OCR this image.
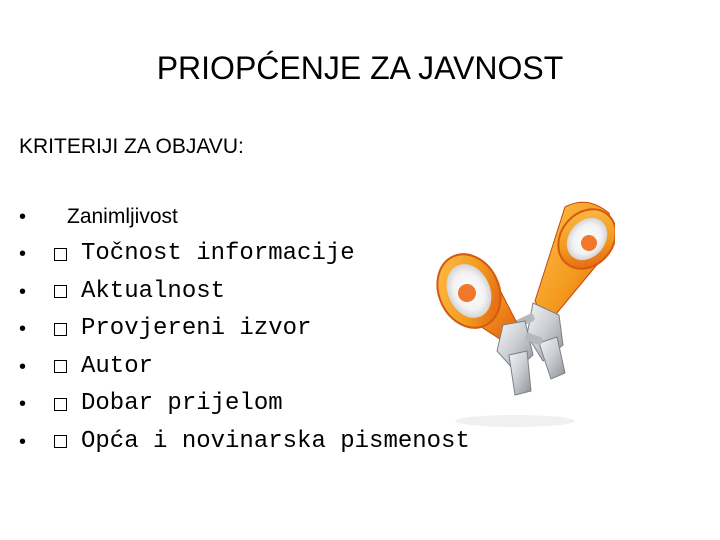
PRIOPĆENJE ZA JAVNOST
KRITERIJI ZA OBJAVU:
•	Zanimljivost
•	Točnost informacije
•	Aktualnost
•	Provjereni izvor
•	Autor
•	Dobar prijelom
•	Opća i novinarska pismenost
